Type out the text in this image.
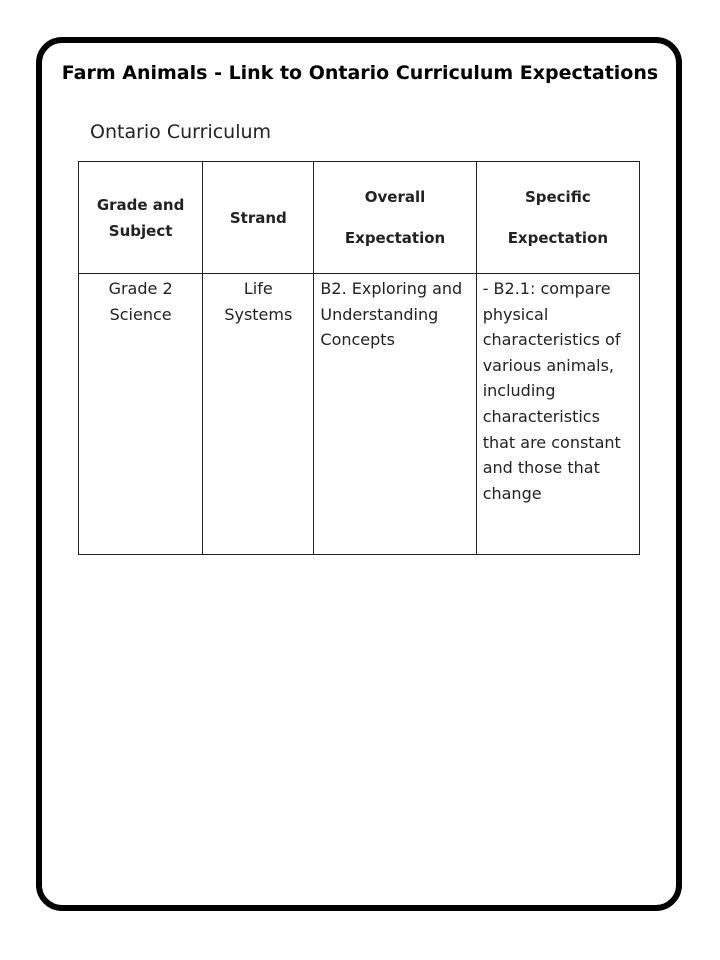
Farm Animals - Link to Ontario Curriculum Expectations

Ontario Curriculum

Grade and Subject	Strand	Overall Expectation	Specific Expectation
Grade 2 Science	Life Systems	B2. Exploring and Understanding Concepts	- B2.1: compare physical characteristics of various animals, including characteristics that are constant and those that change
